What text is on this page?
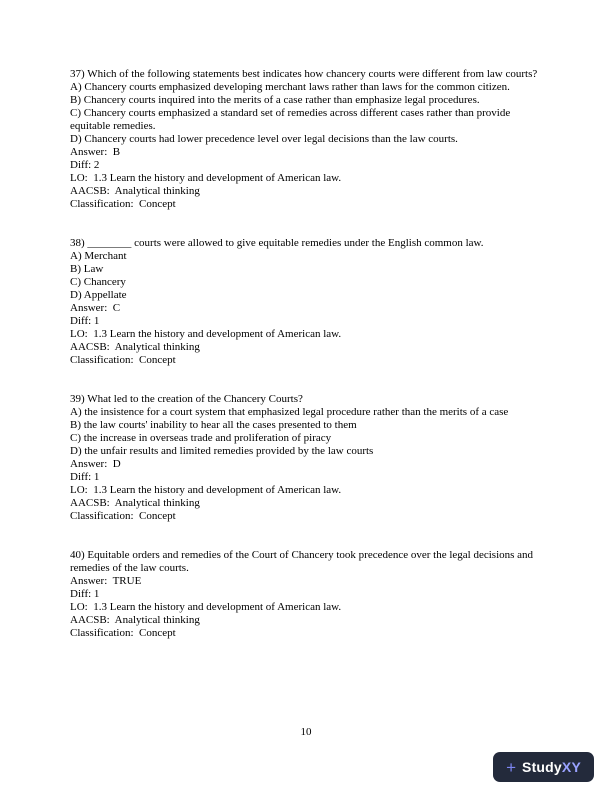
37) Which of the following statements best indicates how chancery courts were different from law courts?

A) Chancery courts emphasized developing merchant laws rather than laws for the common citizen.

B) Chancery courts inquired into the merits of a case rather than emphasize legal procedures.

C) Chancery courts emphasized a standard set of remedies across different cases rather than provide equitable remedies.

D) Chancery courts had lower precedence level over legal decisions than the law courts.

Answer:  B

Diff: 2

LO:  1.3 Learn the history and development of American law.

AACSB:  Analytical thinking

Classification:  Concept

38) ________ courts were allowed to give equitable remedies under the English common law.

A) Merchant

B) Law

C) Chancery

D) Appellate

Answer:  C

Diff: 1

LO:  1.3 Learn the history and development of American law.

AACSB:  Analytical thinking

Classification:  Concept

39) What led to the creation of the Chancery Courts?

A) the insistence for a court system that emphasized legal procedure rather than the merits of a case

B) the law courts' inability to hear all the cases presented to them

C) the increase in overseas trade and proliferation of piracy

D) the unfair results and limited remedies provided by the law courts

Answer:  D

Diff: 1

LO:  1.3 Learn the history and development of American law.

AACSB:  Analytical thinking

Classification:  Concept

40) Equitable orders and remedies of the Court of Chancery took precedence over the legal decisions and remedies of the law courts.

Answer:  TRUE

Diff: 1

LO:  1.3 Learn the history and development of American law.

AACSB:  Analytical thinking

Classification:  Concept

10
+ StudyXY
